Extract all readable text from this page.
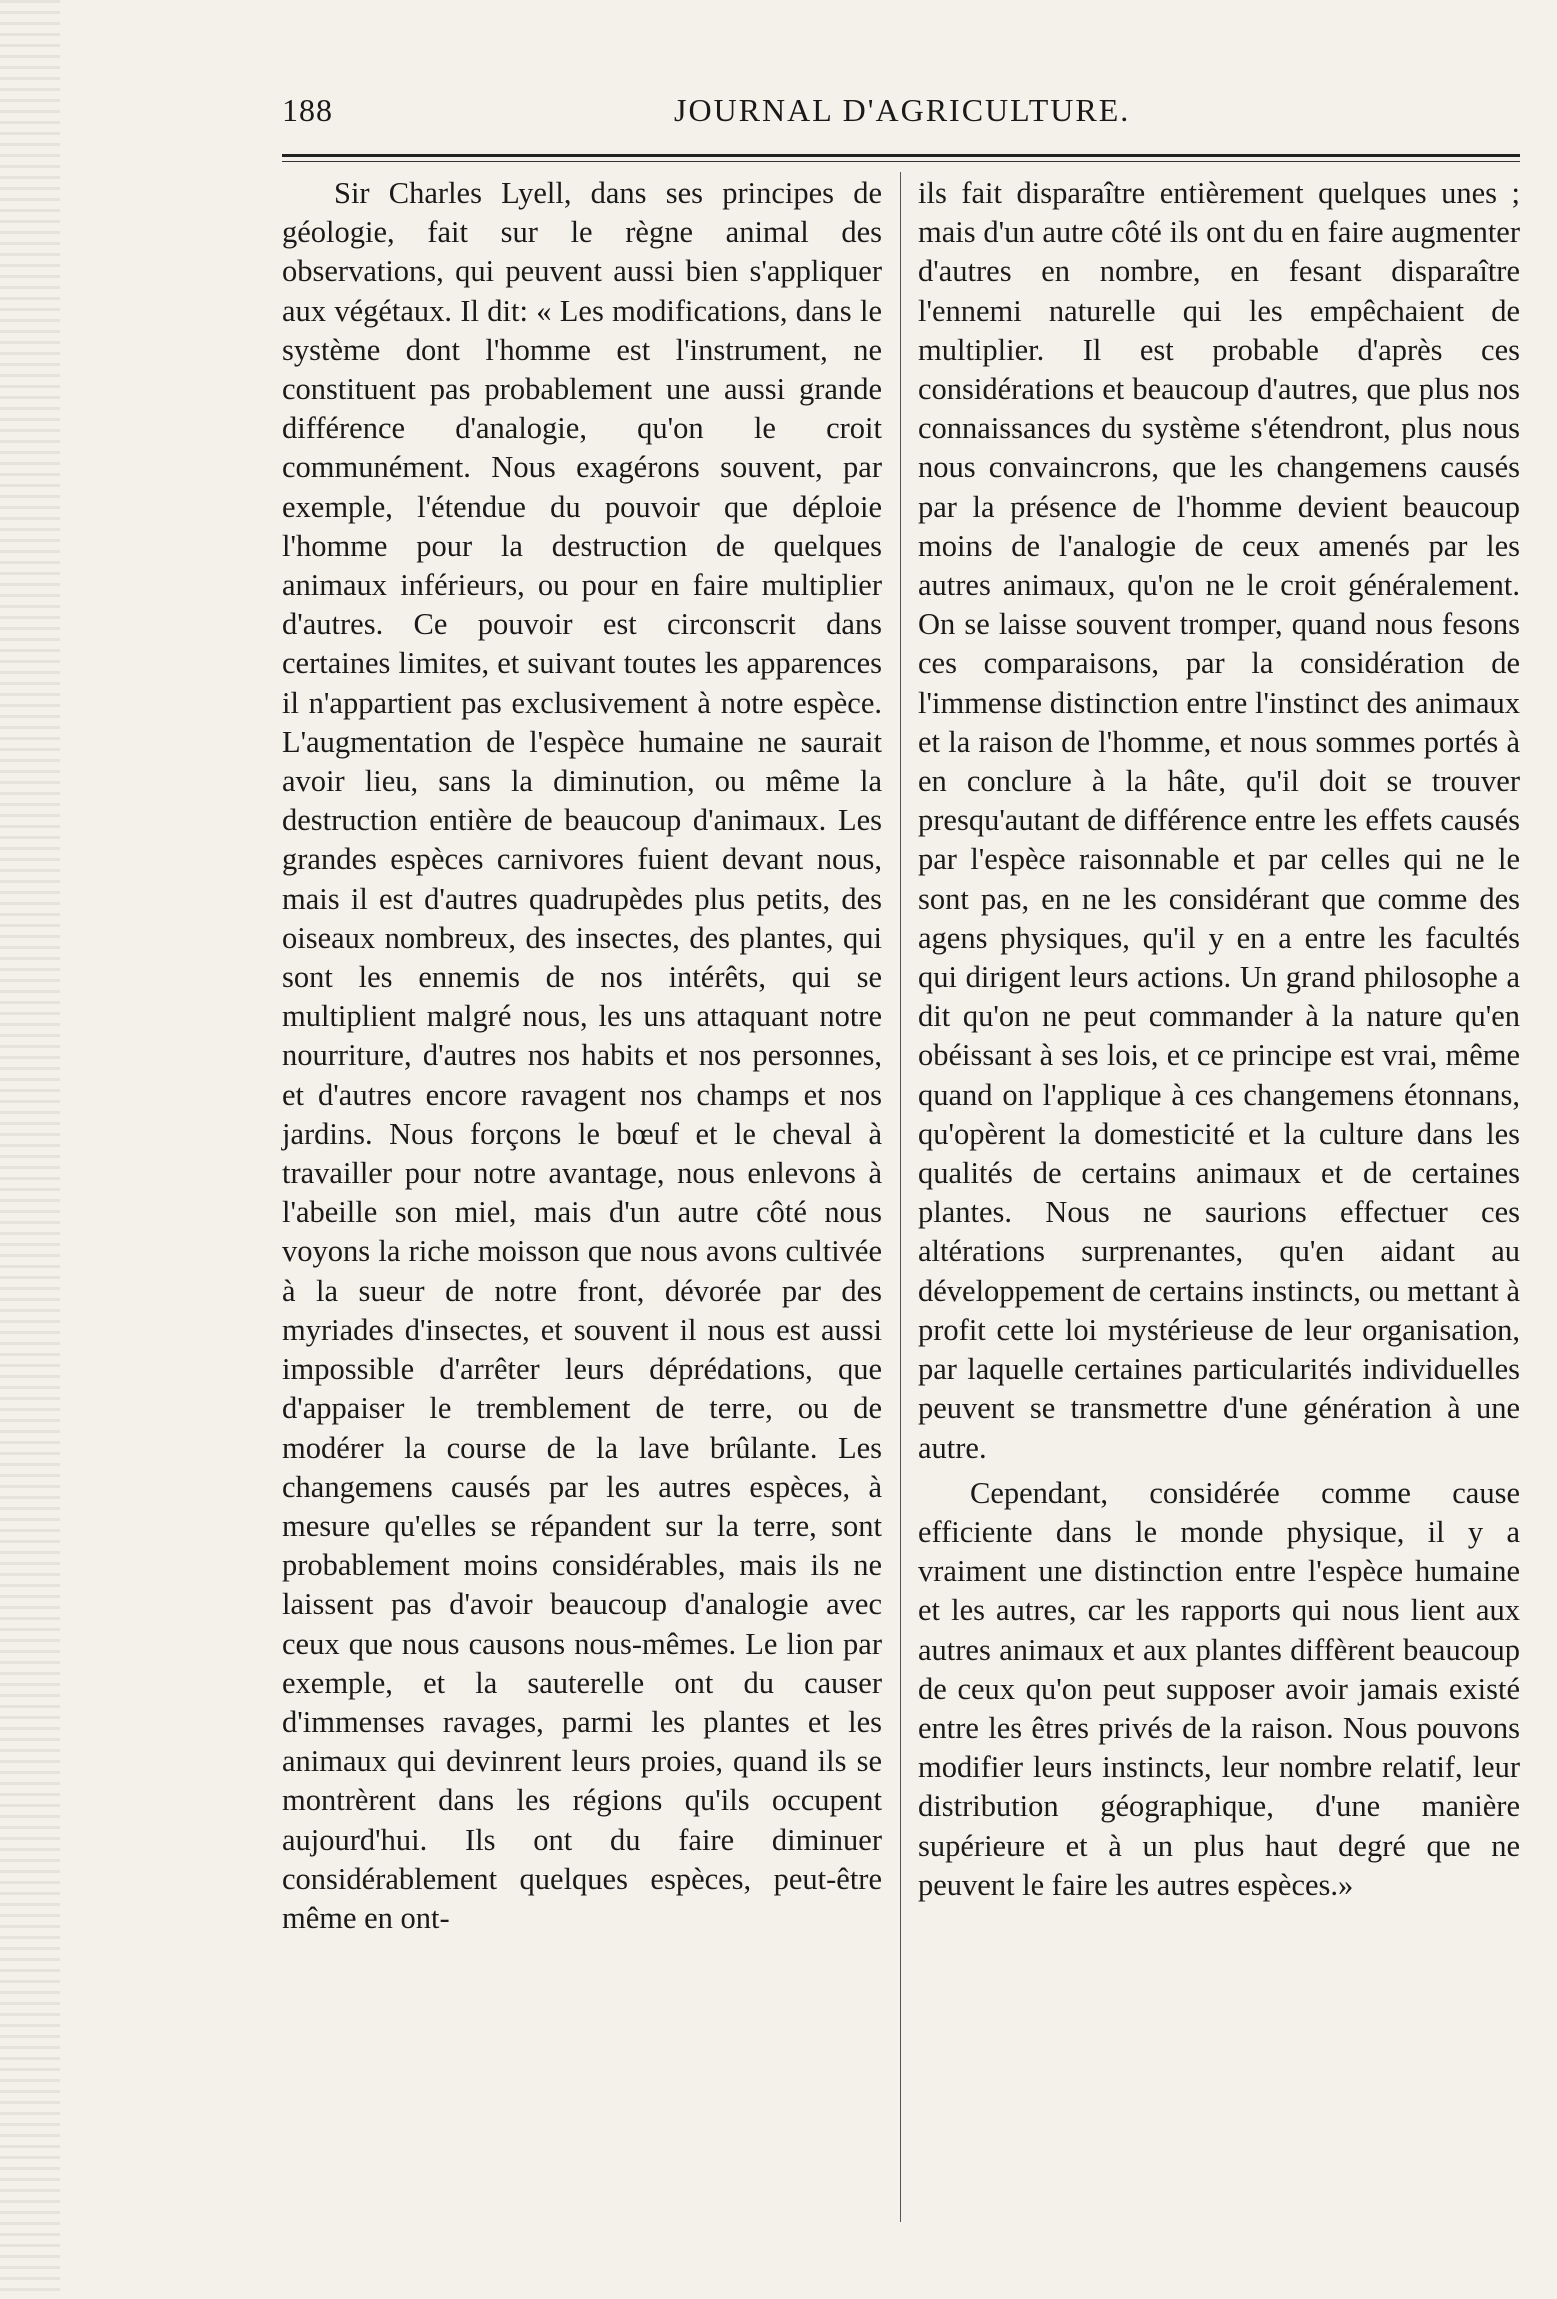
188	JOURNAL D'AGRICULTURE.

Sir Charles Lyell, dans ses principes de géologie, fait sur le règne animal des observations, qui peuvent aussi bien s'appliquer aux végétaux. Il dit: « Les modifications, dans le système dont l'homme est l'instrument, ne constituent pas probablement une aussi grande différence d'analogie, qu'on le croit communément. Nous exagérons souvent, par exemple, l'étendue du pouvoir que déploie l'homme pour la destruction de quelques animaux inférieurs, ou pour en faire multiplier d'autres. Ce pouvoir est circonscrit dans certaines limites, et suivant toutes les apparences il n'appartient pas exclusivement à notre espèce. L'augmentation de l'espèce humaine ne saurait avoir lieu, sans la diminution, ou même la destruction entière de beaucoup d'animaux. Les grandes espèces carnivores fuient devant nous, mais il est d'autres quadrupèdes plus petits, des oiseaux nombreux, des insectes, des plantes, qui sont les ennemis de nos intérêts, qui se multiplient malgré nous, les uns attaquant notre nourriture, d'autres nos habits et nos personnes, et d'autres encore ravagent nos champs et nos jardins. Nous forçons le bœuf et le cheval à travailler pour notre avantage, nous enlevons à l'abeille son miel, mais d'un autre côté nous voyons la riche moisson que nous avons cultivée à la sueur de notre front, dévorée par des myriades d'insectes, et souvent il nous est aussi impossible d'arrêter leurs déprédations, que d'appaiser le tremblement de terre, ou de modérer la course de la lave brûlante. Les changemens causés par les autres espèces, à mesure qu'elles se répandent sur la terre, sont probablement moins considérables, mais ils ne laissent pas d'avoir beaucoup d'analogie avec ceux que nous causons nous-mêmes. Le lion par exemple, et la sauterelle ont du causer d'immenses ravages, parmi les plantes et les animaux qui devinrent leurs proies, quand ils se montrèrent dans les régions qu'ils occupent aujourd'hui. Ils ont du faire diminuer considérablement quelques espèces, peut-être même en ont-

ils fait disparaître entièrement quelques unes ; mais d'un autre côté ils ont du en faire augmenter d'autres en nombre, en fesant disparaître l'ennemi naturelle qui les empêchaient de multiplier. Il est probable d'après ces considérations et beaucoup d'autres, que plus nos connaissances du système s'étendront, plus nous nous convaincrons, que les changemens causés par la présence de l'homme devient beaucoup moins de l'analogie de ceux amenés par les autres animaux, qu'on ne le croit généralement. On se laisse souvent tromper, quand nous fesons ces comparaisons, par la considération de l'immense distinction entre l'instinct des animaux et la raison de l'homme, et nous sommes portés à en conclure à la hâte, qu'il doit se trouver presqu'autant de différence entre les effets causés par l'espèce raisonnable et par celles qui ne le sont pas, en ne les considérant que comme des agens physiques, qu'il y en a entre les facultés qui dirigent leurs actions. Un grand philosophe a dit qu'on ne peut commander à la nature qu'en obéissant à ses lois, et ce principe est vrai, même quand on l'applique à ces changemens étonnans, qu'opèrent la domesticité et la culture dans les qualités de certains animaux et de certaines plantes. Nous ne saurions effectuer ces altérations surprenantes, qu'en aidant au développement de certains instincts, ou mettant à profit cette loi mystérieuse de leur organisation, par laquelle certaines particularités individuelles peuvent se transmettre d'une génération à une autre.

Cependant, considérée comme cause efficiente dans le monde physique, il y a vraiment une distinction entre l'espèce humaine et les autres, car les rapports qui nous lient aux autres animaux et aux plantes diffèrent beaucoup de ceux qu'on peut supposer avoir jamais existé entre les êtres privés de la raison. Nous pouvons modifier leurs instincts, leur nombre relatif, leur distribution géographique, d'une manière supérieure et à un plus haut degré que ne peuvent le faire les autres espèces.»
